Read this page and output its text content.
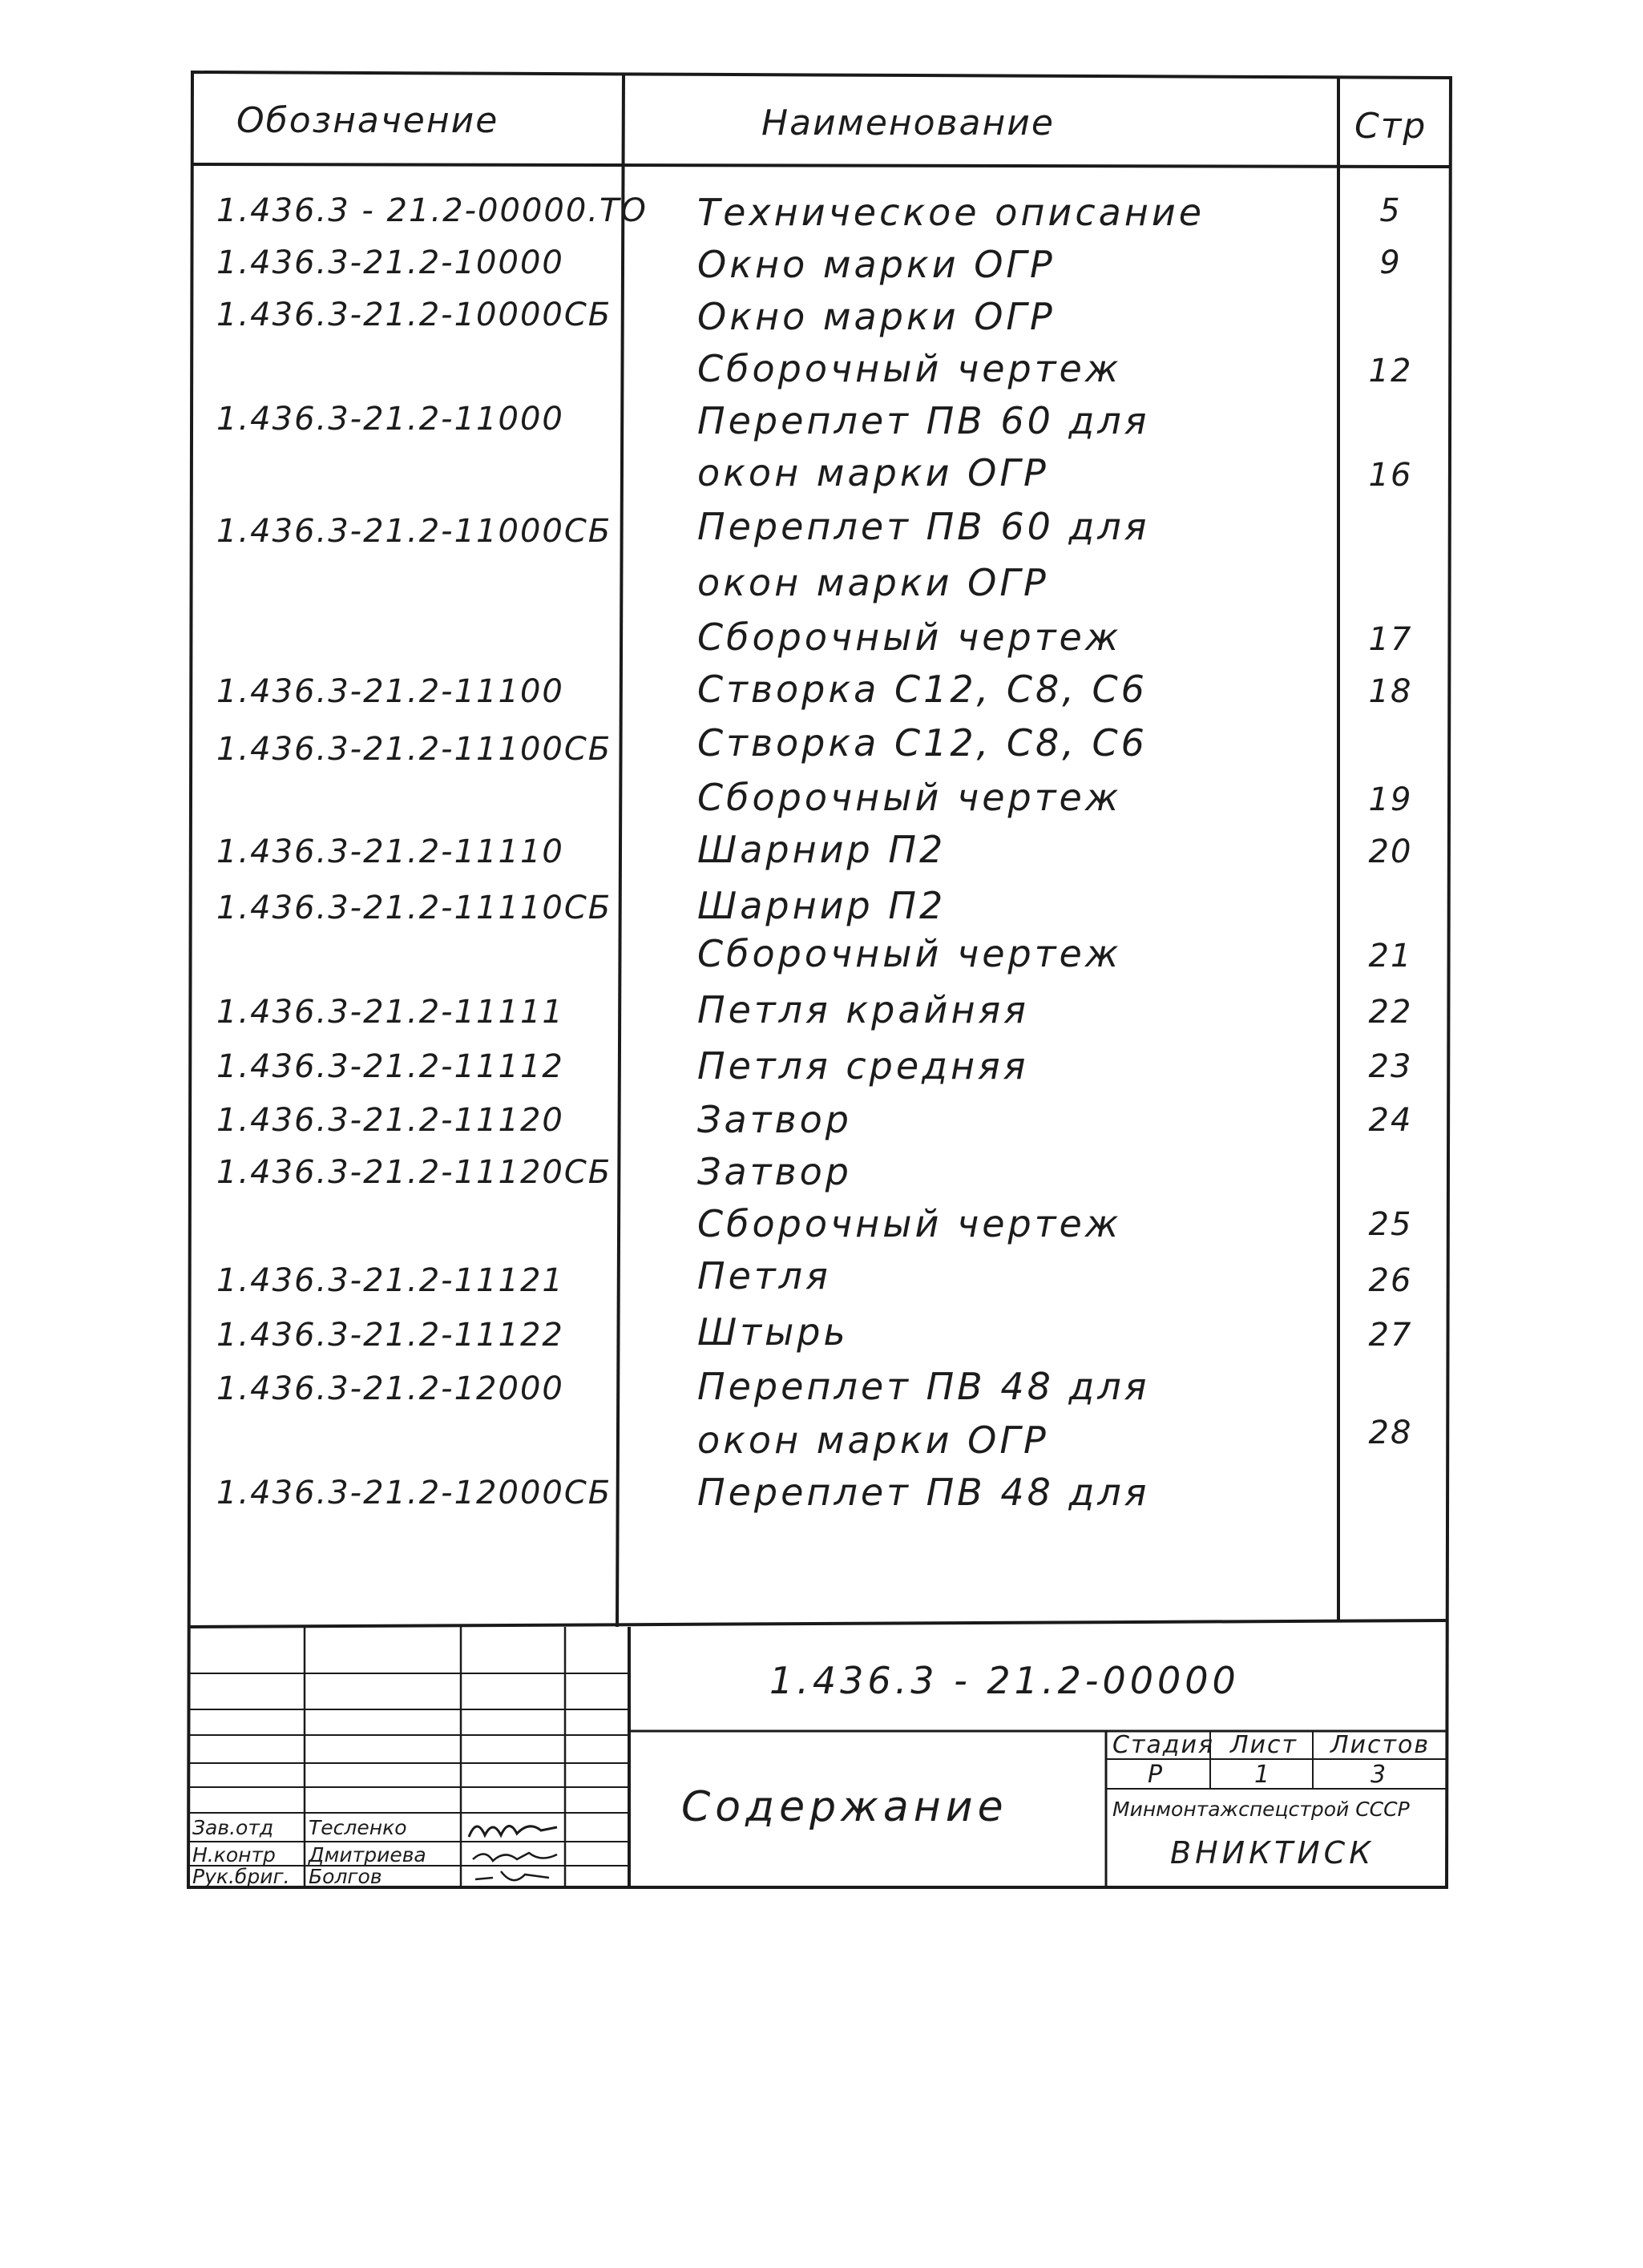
Обозначение	Наименование	Стр
1.436.3 - 21.2-00000.ТО Техническое описание	5
1.436.3-21.2-10000	Окно марки ОГР	9
1.436.3-21.2-10000СБ Окно марки ОГР
Сборочный чертеж	12
1.436.3-21.2-11000	Переплет ПВ 60 для
окон марки ОГР	16
1.436.3-21.2-11000СБ Переплет ПВ 60 для
окон марки ОГР
Сборочный чертеж	17
1.436.3-21.2-11100	Створка С12, С8, С6	18
1.436.3-21.2-11100СБ Створка С12, С8, С6
Сборочный чертеж	19
1.436.3-21.2-11110	Шарнир П2	20
1.436.3-21.2-11110СБ Шарнир П2
Сборочный чертеж	21
1.436.3-21.2-11111	Петля крайняя	22
1.436.3-21.2-11112	Петля средняя	23
1.436.3-21.2-11120	Затвор	24
1.436.3-21.2-11120СБ Затвор
Сборочный чертеж	25
1.436.3-21.2-11121	Петля	26
1.436.3-21.2-11122	Штырь	27
1.436.3-21.2-12000	Переплет ПВ 48 для
окон марки ОГР	28
1.436.3-21.2-12000СБ Переплет ПВ 48 для
1.436.3 - 21.2-00000
Содержание
Стадия Лист Листов
Р	1	3
Минмонтажспецстрой СССР
ВНИКТИСК
Зав.отд Тесленко
Н.контр Дмитриева
Рук.бриг. Болгов
